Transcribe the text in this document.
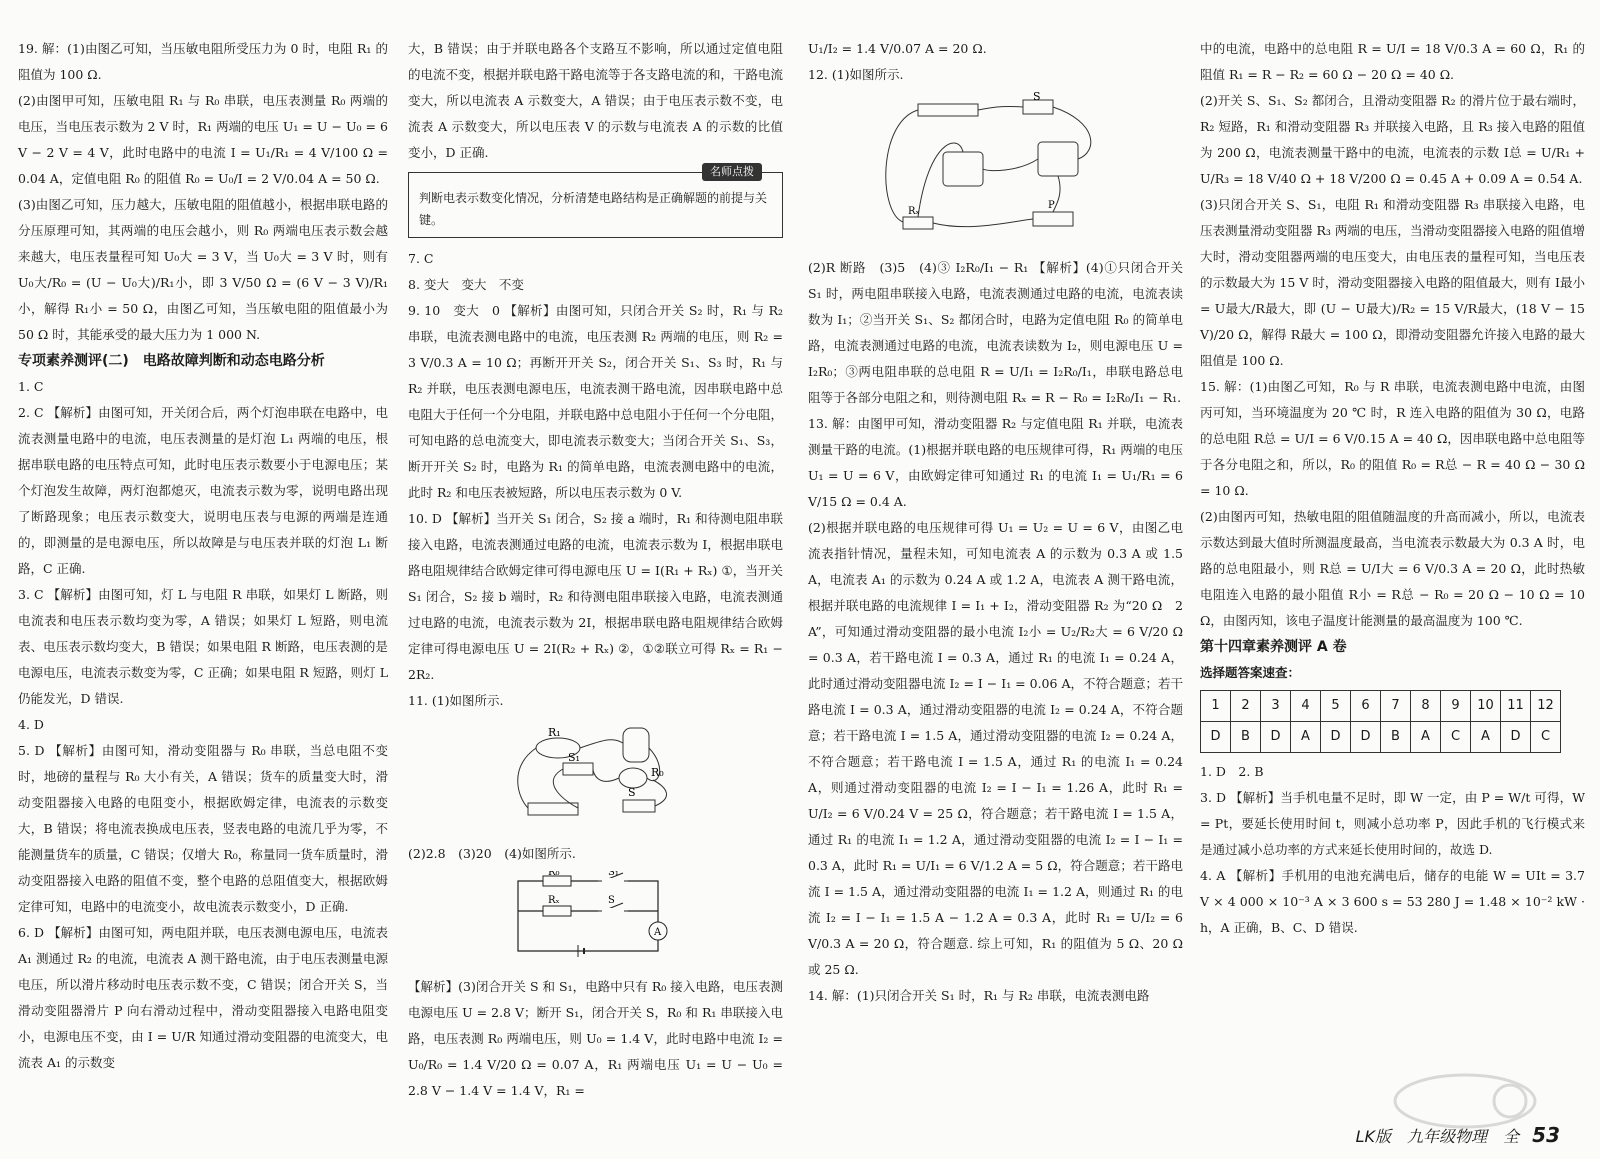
19. 解：(1)由图乙可知，当压敏电阻所受压力为 0 时，电阻 R₁ 的阻值为 100 Ω.

(2)由图甲可知，压敏电阻 R₁ 与 R₀ 串联，电压表测量 R₀ 两端的电压，当电压表示数为 2 V 时，R₁ 两端的电压 U₁ = U − U₀ = 6 V − 2 V = 4 V，此时电路中的电流 I = U₁/R₁ = 4 V/100 Ω = 0.04 A，定值电阻 R₀ 的阻值 R₀ = U₀/I = 2 V/0.04 A = 50 Ω.

(3)由图乙可知，压力越大，压敏电阻的阻值越小，根据串联电路的分压原理可知，其两端的电压会越小，则 R₀ 两端电压表示数会越来越大，电压表量程可知 U₀大 = 3 V，当 U₀大 = 3 V 时，则有 U₀大/R₀ = (U − U₀大)/R₁小，即 3 V/50 Ω = (6 V − 3 V)/R₁小，解得 R₁小 = 50 Ω，由图乙可知，当压敏电阻的阻值最小为 50 Ω 时，其能承受的最大压力为 1 000 N.

专项素养测评(二)　电路故障判断和动态电路分析

1. C

2. C 【解析】由图可知，开关闭合后，两个灯泡串联在电路中，电流表测量电路中的电流，电压表测量的是灯泡 L₁ 两端的电压，根据串联电路的电压特点可知，此时电压表示数要小于电源电压；某个灯泡发生故障，两灯泡都熄灭，电流表示数为零，说明电路出现了断路现象；电压表示数变大，说明电压表与电源的两端是连通的，即测量的是电源电压，所以故障是与电压表并联的灯泡 L₁ 断路，C 正确.

3. C 【解析】由图可知，灯 L 与电阻 R 串联，如果灯 L 断路，则电流表和电压表示数均变为零，A 错误；如果灯 L 短路，则电流表、电压表示数均变大，B 错误；如果电阻 R 断路，电压表测的是电源电压，电流表示数变为零，C 正确；如果电阻 R 短路，则灯 L 仍能发光，D 错误.

4. D

5. D 【解析】由图可知，滑动变阻器与 R₀ 串联，当总电阻不变时，地磅的量程与 R₀ 大小有关，A 错误；货车的质量变大时，滑动变阻器接入电路的电阻变小，根据欧姆定律，电流表的示数变大，B 错误；将电流表换成电压表，竖表电路的电流几乎为零，不能测量货车的质量，C 错误；仅增大 R₀，称量同一货车质量时，滑动变阻器接入电路的阻值不变，整个电路的总阻值变大，根据欧姆定律可知，电路中的电流变小，故电流表示数变小，D 正确.

6. D 【解析】由图可知，两电阻并联，电压表测电源电压，电流表 A₁ 测通过 R₂ 的电流，电流表 A 测干路电流，由于电压表测量电源电压，所以滑片移动时电压表示数不变，C 错误；闭合开关 S，当滑动变阻器滑片 P 向右滑动过程中，滑动变阻器接入电路电阻变小，电源电压不变，由 I = U/R 知通过滑动变阻器的电流变大，电流表 A₁ 的示数变

大，B 错误；由于并联电路各个支路互不影响，所以通过定值电阻的电流不变，根据并联电路干路电流等于各支路电流的和，干路电流变大，所以电流表 A 示数变大，A 错误；由于电压表示数不变，电流表 A 示数变大，所以电压表 V 的示数与电流表 A 的示数的比值变小，D 正确.

名师点拨
判断电表示数变化情况，分析清楚电路结构是正确解题的前提与关键。

7. C

8. 变大　变大　不变

9. 10　变大　0 【解析】由图可知，只闭合开关 S₂ 时，R₁ 与 R₂ 串联，电流表测电路中的电流，电压表测 R₂ 两端的电压，则 R₂ = 3 V/0.3 A = 10 Ω；再断开开关 S₂，闭合开关 S₁、S₃ 时，R₁ 与 R₂ 并联，电压表测电源电压，电流表测干路电流，因串联电路中总电阻大于任何一个分电阻，并联电路中总电阻小于任何一个分电阻，可知电路的总电流变大，即电流表示数变大；当闭合开关 S₁、S₃，断开开关 S₂ 时，电路为 R₁ 的简单电路，电流表测电路中的电流，此时 R₂ 和电压表被短路，所以电压表示数为 0 V.

10. D 【解析】当开关 S₁ 闭合，S₂ 接 a 端时，R₁ 和待测电阻串联接入电路，电流表测通过电路的电流，电流表示数为 I，根据串联电路电阻规律结合欧姆定律可得电源电压 U = I(R₁ + Rₓ) ①，当开关 S₁ 闭合，S₂ 接 b 端时，R₂ 和待测电阻串联接入电路，电流表测通过电路的电流，电流表示数为 2I，根据串联电路电阻规律结合欧姆定律可得电源电压 U = 2I(R₂ + Rₓ) ②，①②联立可得 Rₓ = R₁ − 2R₂.

11. (1)如图所示.

R₁
S₁
R₀
S

(2)2.8　(3)20　(4)如图所示.

R₀	S₁
Rₓ	S
A

【解析】(3)闭合开关 S 和 S₁，电路中只有 R₀ 接入电路，电压表测电源电压 U = 2.8 V；断开 S₁，闭合开关 S，R₀ 和 R₁ 串联接入电路，电压表测 R₀ 两端电压，则 U₀ = 1.4 V，此时电路中电流 I₂ = U₀/R₀ = 1.4 V/20 Ω = 0.07 A，R₁ 两端电压 U₁ = U − U₀ = 2.8 V − 1.4 V = 1.4 V，R₁ =

U₁/I₂ = 1.4 V/0.07 A = 20 Ω.

12. (1)如图所示.

S
Rₓ
P

(2)R 断路　(3)5　(4)③ I₂R₀/I₁ − R₁ 【解析】(4)①只闭合开关 S₁ 时，两电阻串联接入电路，电流表测通过电路的电流，电流表读数为 I₁；②当开关 S₁、S₂ 都闭合时，电路为定值电阻 R₀ 的简单电路，电流表测通过电路的电流，电流表读数为 I₂，则电源电压 U = I₂R₀；③两电阻串联的总电阻 R = U/I₁ = I₂R₀/I₁，串联电路总电阻等于各部分电阻之和，则待测电阻 Rₓ = R − R₀ = I₂R₀/I₁ − R₁.

13. 解：由图甲可知，滑动变阻器 R₂ 与定值电阻 R₁ 并联，电流表测量干路的电流。(1)根据并联电路的电压规律可得，R₁ 两端的电压 U₁ = U = 6 V，由欧姆定律可知通过 R₁ 的电流 I₁ = U₁/R₁ = 6 V/15 Ω = 0.4 A.

(2)根据并联电路的电压规律可得 U₁ = U₂ = U = 6 V，由图乙电流表指针情况，量程未知，可知电流表 A 的示数为 0.3 A 或 1.5 A，电流表 A₁ 的示数为 0.24 A 或 1.2 A，电流表 A 测干路电流，根据并联电路的电流规律 I = I₁ + I₂，滑动变阻器 R₂ 为“20 Ω　2 A”，可知通过滑动变阻器的最小电流 I₂小 = U₂/R₂大 = 6 V/20 Ω = 0.3 A，若干路电流 I = 0.3 A，通过 R₁ 的电流 I₁ = 0.24 A，此时通过滑动变阻器电流 I₂ = I − I₁ = 0.06 A，不符合题意；若干路电流 I = 0.3 A，通过滑动变阻器的电流 I₂ = 0.24 A，不符合题意；若干路电流 I = 1.5 A，通过滑动变阻器的电流 I₂ = 0.24 A，不符合题意；若干路电流 I = 1.5 A，通过 R₁ 的电流 I₁ = 0.24 A，则通过滑动变阻器的电流 I₂ = I − I₁ = 1.26 A，此时 R₁ = U/I₂ = 6 V/0.24 V = 25 Ω，符合题意；若干路电流 I = 1.5 A，通过 R₁ 的电流 I₁ = 1.2 A，通过滑动变阻器的电流 I₂ = I − I₁ = 0.3 A，此时 R₁ = U/I₁ = 6 V/1.2 A = 5 Ω，符合题意；若干路电流 I = 1.5 A，通过滑动变阻器的电流 I₁ = 1.2 A，则通过 R₁ 的电流 I₂ = I − I₁ = 1.5 A − 1.2 A = 0.3 A，此时 R₁ = U/I₂ = 6 V/0.3 A = 20 Ω，符合题意. 综上可知，R₁ 的阻值为 5 Ω、20 Ω 或 25 Ω.

14. 解：(1)只闭合开关 S₁ 时，R₁ 与 R₂ 串联，电流表测电路

中的电流，电路中的总电阻 R = U/I = 18 V/0.3 A = 60 Ω，R₁ 的阻值 R₁ = R − R₂ = 60 Ω − 20 Ω = 40 Ω.

(2)开关 S、S₁、S₂ 都闭合，且滑动变阻器 R₂ 的滑片位于最右端时，R₂ 短路，R₁ 和滑动变阻器 R₃ 并联接入电路，且 R₃ 接入电路的阻值为 200 Ω，电流表测量干路中的电流，电流表的示数 I总 = U/R₁ + U/R₃ = 18 V/40 Ω + 18 V/200 Ω = 0.45 A + 0.09 A = 0.54 A.

(3)只闭合开关 S、S₁，电阻 R₁ 和滑动变阻器 R₃ 串联接入电路，电压表测量滑动变阻器 R₃ 两端的电压，当滑动变阻器接入电路的阻值增大时，滑动变阻器两端的电压变大，由电压表的量程可知，当电压表的示数最大为 15 V 时，滑动变阻器接入电路的阻值最大，则有 I最小 = U最大/R最大，即 (U − U最大)/R₂ = 15 V/R最大，(18 V − 15 V)/20 Ω，解得 R最大 = 100 Ω，即滑动变阻器允许接入电路的最大阻值是 100 Ω.

15. 解：(1)由图乙可知，R₀ 与 R 串联，电流表测电路中电流，由图丙可知，当环境温度为 20 ℃ 时，R 连入电路的阻值为 30 Ω，电路的总电阻 R总 = U/I = 6 V/0.15 A = 40 Ω，因串联电路中总电阻等于各分电阻之和，所以，R₀ 的阻值 R₀ = R总 − R = 40 Ω − 30 Ω = 10 Ω.

(2)由图丙可知，热敏电阻的阻值随温度的升高而减小，所以，电流表示数达到最大值时所测温度最高，当电流表示数最大为 0.3 A 时，电路的总电阻最小，则 R总 = U/I大 = 6 V/0.3 A = 20 Ω，此时热敏电阻连入电路的最小阻值 R小 = R总 − R₀ = 20 Ω − 10 Ω = 10 Ω，由图丙知，该电子温度计能测量的最高温度为 100 ℃.

第十四章素养测评 A 卷

选择题答案速查：

1	2	3	4	5	6	7	8	9	10	11	12
D	B	D	A	D	D	B	A	C	A	D	C

1. D　2. B

3. D 【解析】当手机电量不足时，即 W 一定，由 P = W/t 可得，W = Pt，要延长使用时间 t，则减小总功率 P，因此手机的飞行模式来是通过减小总功率的方式来延长使用时间的，故选 D.

4. A 【解析】手机用的电池充满电后，储存的电能 W = UIt = 3.7 V × 4 000 × 10⁻³ A × 3 600 s = 53 280 J = 1.48 × 10⁻² kW · h，A 正确，B、C、D 错误.

LK版　九年级物理　全 53
